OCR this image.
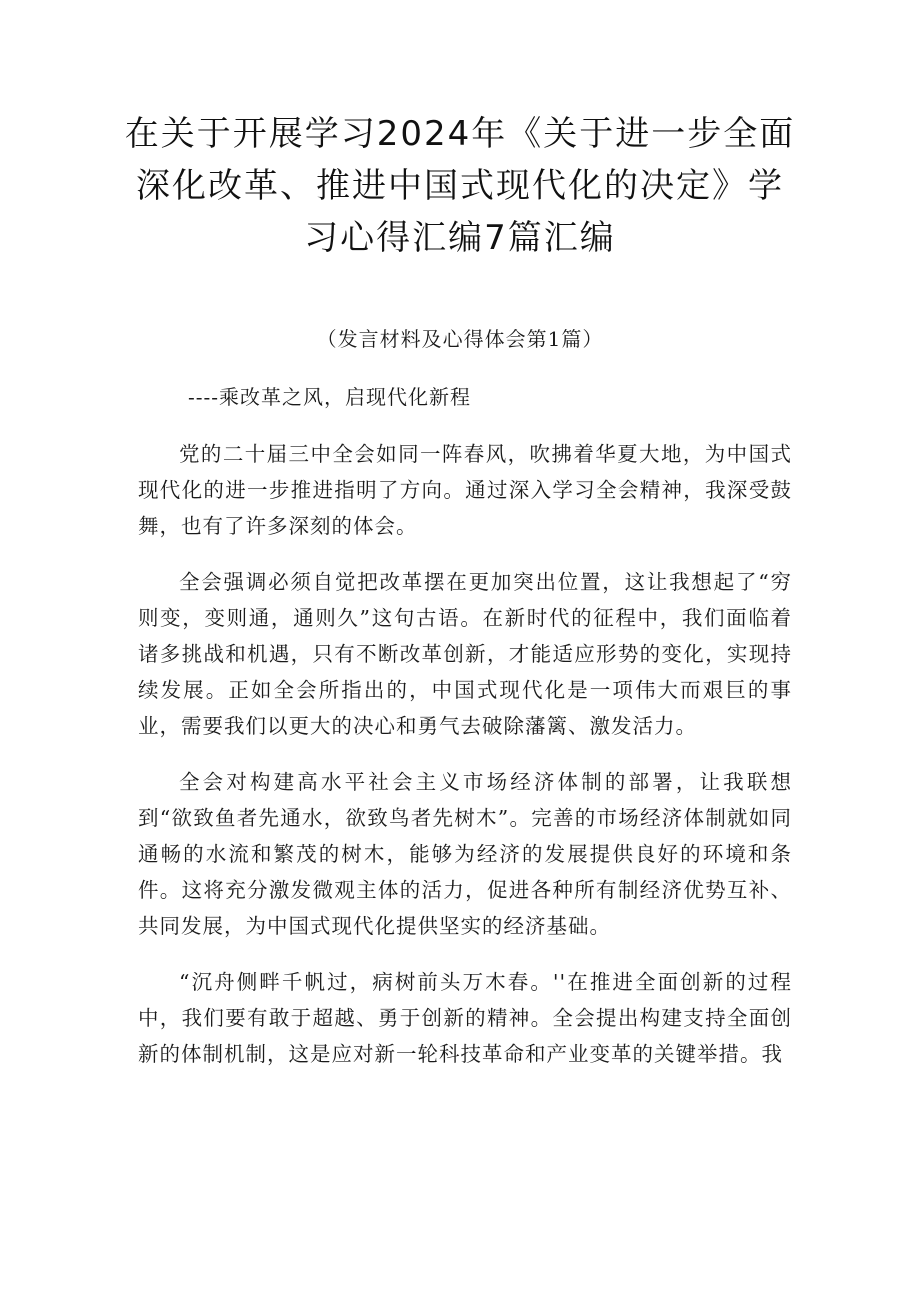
在关于开展学习2024年《关于进一步全面深化改革、推进中国式现代化的决定》学习心得汇编7篇汇编
（发言材料及心得体会第1篇）
----乘改革之风，启现代化新程

党的二十届三中全会如同一阵春风，吹拂着华夏大地，为中国式现代化的进一步推进指明了方向。通过深入学习全会精神，我深受鼓舞，也有了许多深刻的体会。

全会强调必须自觉把改革摆在更加突出位置，这让我想起了“穷则变，变则通，通则久”这句古语。在新时代的征程中，我们面临着诸多挑战和机遇，只有不断改革创新，才能适应形势的变化，实现持续发展。正如全会所指出的，中国式现代化是一项伟大而艰巨的事业，需要我们以更大的决心和勇气去破除藩篱、激发活力。

全会对构建高水平社会主义市场经济体制的部署，让我联想到“欲致鱼者先通水，欲致鸟者先树木”。完善的市场经济体制就如同通畅的水流和繁茂的树木，能够为经济的发展提供良好的环境和条件。这将充分激发微观主体的活力，促进各种所有制经济优势互补、共同发展，为中国式现代化提供坚实的经济基础。

“沉舟侧畔千帆过，病树前头万木春。''在推进全面创新的过程中，我们要有敢于超越、勇于创新的精神。全会提出构建支持全面创新的体制机制，这是应对新一轮科技革命和产业变革的关键举措。我
